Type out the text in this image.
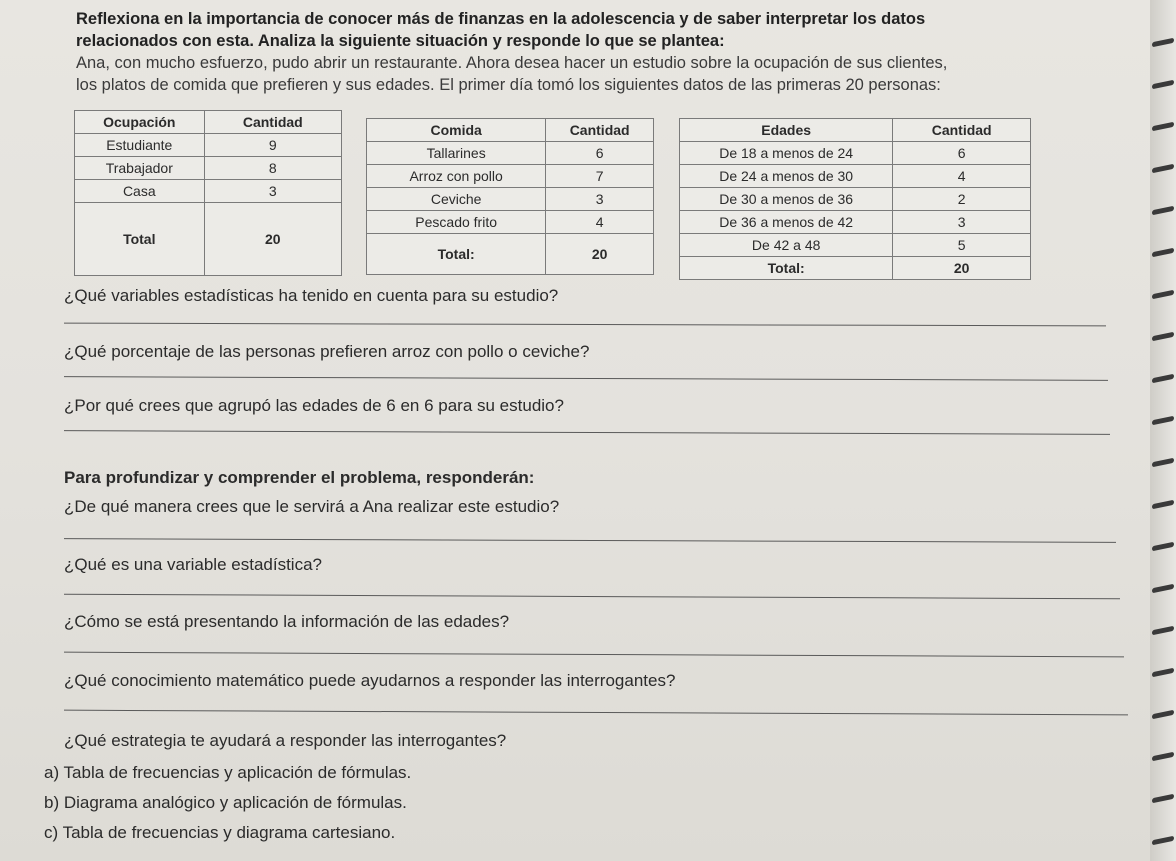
Reflexiona en la importancia de conocer más de finanzas en la adolescencia y de saber interpretar los datos
relacionados con esta. Analiza la siguiente situación y responde lo que se plantea:
Ana, con mucho esfuerzo, pudo abrir un restaurante. Ahora desea hacer un estudio sobre la ocupación de sus clientes,
los platos de comida que prefieren y sus edades. El primer día tomó los siguientes datos de las primeras 20 personas:
Ocupación	Cantidad
Estudiante	9
Trabajador	8
Casa	3
Total	20
Comida	Cantidad
Tallarines	6
Arroz con pollo	7
Ceviche	3
Pescado frito	4
Total:	20
Edades	Cantidad
De 18 a menos de 24	6
De 24 a menos de 30	4
De 30 a menos de 36	2
De 36 a menos de 42	3
De 42 a 48	5
Total:	20
¿Qué variables estadísticas ha tenido en cuenta para su estudio?
¿Qué porcentaje de las personas prefieren arroz con pollo o ceviche?
¿Por qué crees que agrupó las edades de 6 en 6 para su estudio?
Para profundizar y comprender el problema, responderán:
¿De qué manera crees que le servirá a Ana realizar este estudio?
¿Qué es una variable estadística?
¿Cómo se está presentando la información de las edades?
¿Qué conocimiento matemático puede ayudarnos a responder las interrogantes?
¿Qué estrategia te ayudará a responder las interrogantes?
a) Tabla de frecuencias y aplicación de fórmulas.
b) Diagrama analógico y aplicación de fórmulas.
c) Tabla de frecuencias y diagrama cartesiano.
